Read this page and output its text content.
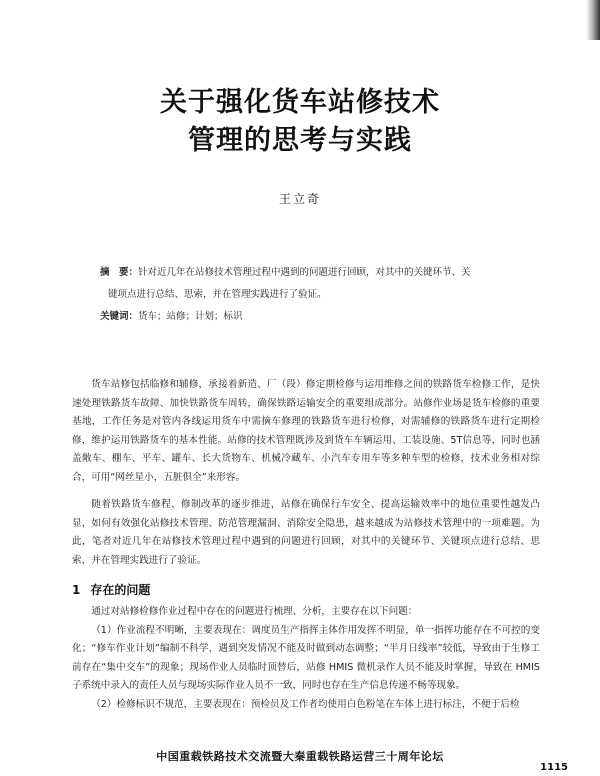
关于强化货车站修技术
管理的思考与实践
王立奇

摘　要：针对近几年在站修技术管理过程中遇到的问题进行回顾，对其中的关键环节、关

键项点进行总结、思索，并在管理实践进行了验证。

关键词：货车；站修；计划；标识

货车站修包括临修和辅修，承接着新造、厂（段）修定期检修与运用维修之间的铁路货车检修工作，是快速处理铁路货车故障、加快铁路货车周转，确保铁路运输安全的重要组成部分。站修作业场是货车检修的重要基地，工作任务是对管内各线运用货车中需摘车修理的铁路货车进行检修，对需辅修的铁路货车进行定期检修，维护运用铁路货车的基本性能。站修的技术管理既涉及到货车车辆运用、工装设施、5T信息等，同时也涵盖敞车、棚车、平车、罐车、长大货物车、机械冷藏车、小汽车专用车等多种车型的检修，技术业务相对综合，可用“网丝星小，五脏俱全”来形容。

随着铁路货车修程、修制改革的逐步推进，站修在确保行车安全、提高运输效率中的地位重要性越发凸显，如何有效强化站修技术管理、防范管理漏洞、消除安全隐患，越来越成为站修技术管理中的一项难题。为此，笔者对近几年在站修技术管理过程中遇到的问题进行回顾，对其中的关键环节、关键项点进行总结、思索，并在管理实践进行了验证。

1 存在的问题

通过对站修检修作业过程中存在的问题进行梳理、分析，主要存在以下问题：

（1）作业流程不明晰，主要表现在：调度员生产指挥主体作用发挥不明显，单一指挥功能存在不可控的变化；“修车作业计划”编制不科学，遇到突发情况不能及时做到动态调整；“半月日线率”较低，导致由于生修工前存在“集中交车”的现象；现场作业人员临时顶替后，站修 HMIS 微机录作人员不能及时掌握，导致在 HMIS 子系统中录入的责任人员与现场实际作业人员不一致，同时也存在生产信息传递不畅等现象。

（2）检修标识不规范，主要表现在：预检员及工作者均使用白色粉笔在车体上进行标注，不便于后检

中国重载铁路技术交流暨大秦重载铁路运营三十周年论坛
1115
